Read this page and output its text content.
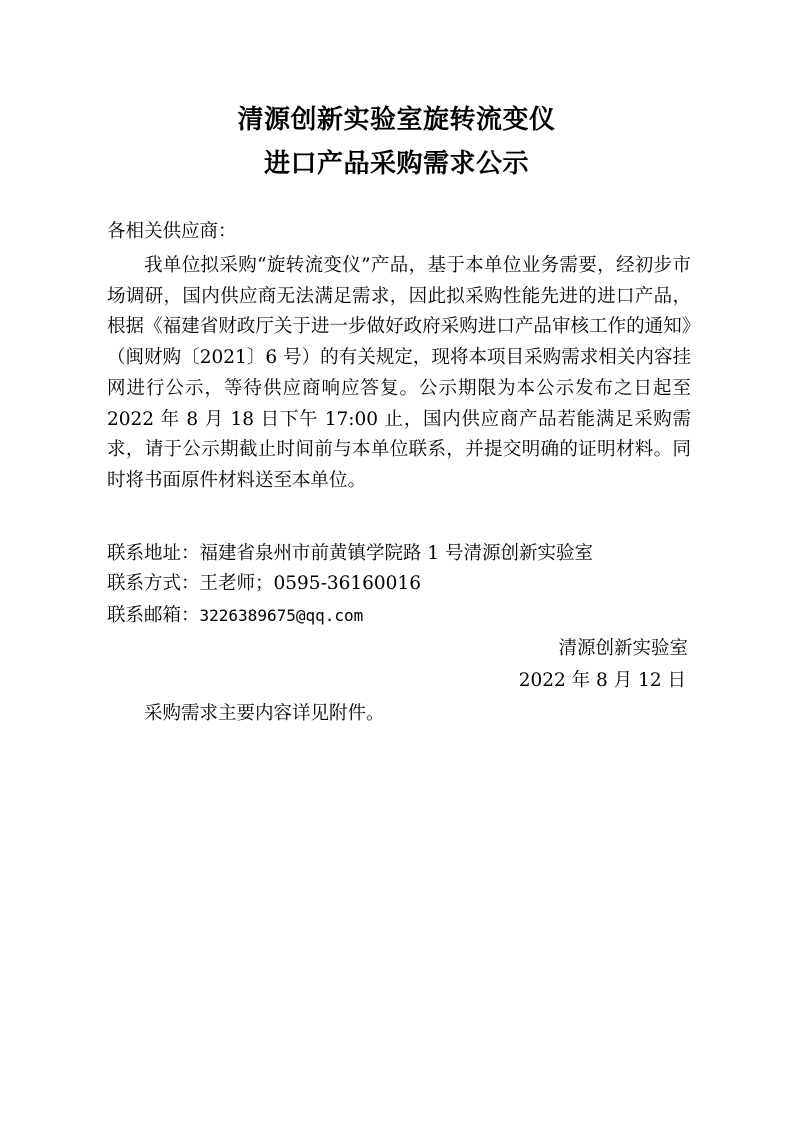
清源创新实验室旋转流变仪
进口产品采购需求公示
各相关供应商：
我单位拟采购“旋转流变仪”产品，基于本单位业务需要，经初步市场调研，国内供应商无法满足需求，因此拟采购性能先进的进口产品，根据《福建省财政厅关于进一步做好政府采购进口产品审核工作的通知》（闽财购〔2021〕6 号）的有关规定，现将本项目采购需求相关内容挂网进行公示，等待供应商响应答复。公示期限为本公示发布之日起至 2022 年 8 月 18 日下午 17:00 止，国内供应商产品若能满足采购需求，请于公示期截止时间前与本单位联系，并提交明确的证明材料。同时将书面原件材料送至本单位。
联系地址：福建省泉州市前黄镇学院路 1 号清源创新实验室
联系方式：王老师；0595-36160016
联系邮箱：3226389675@qq.com
清源创新实验室
2022 年 8 月 12 日
采购需求主要内容详见附件。
